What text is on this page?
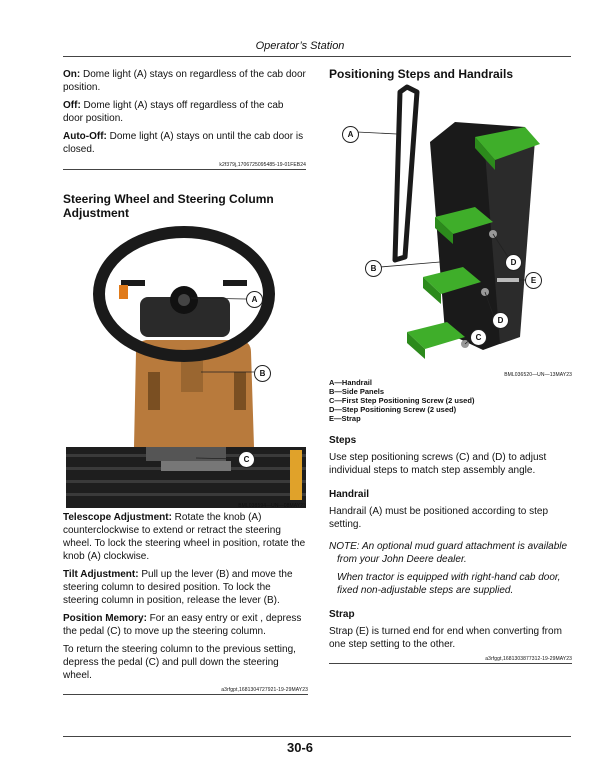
Operator’s Station

On: Dome light (A) stays on regardless of the cab door position.

Off: Dome light (A) stays off regardless of the cab door position.

Auto-Off: Dome light (A) stays on until the cab door is closed.

k2f379j,1706725095485-19-01FEB24
Steering Wheel and Steering Column Adjustment
A
B
C
BML038594—UN—08MAY23

Telescope Adjustment: Rotate the knob (A) counterclockwise to extend or retract the steering wheel. To lock the steering wheel in position, rotate the knob (A) clockwise.

Tilt Adjustment: Pull up the lever (B) and move the steering column to desired position. To lock the steering column in position, release the lever (B).

Position Memory: For an easy entry or exit , depress the pedal (C) to move up the steering column.

To return the steering column to the previous setting, depress the pedal (C) and pull down the steering wheel.

a3rfgpt,1681304727921-19-29MAY23
Positioning Steps and Handrails
A
B
D
E
D
C
BML036520—UN—13MAY23

A—Handrail

B—Side Panels

C—First Step Positioning Screw (2 used)

D—Step Positioning Screw (2 used)

E—Strap

Steps

Use step positioning screws (C) and (D) to adjust individual steps to match step assembly angle.

Handrail

Handrail (A) must be positioned according to step setting.

NOTE: An optional mud guard attachment is available from your John Deere dealer.

When tractor is equipped with right-hand cab door, fixed non-adjustable steps are supplied.

Strap

Strap (E) is turned end for end when converting from one step setting to the other.

a3rfggt,1681303877312-19-29MAY23
30-6
